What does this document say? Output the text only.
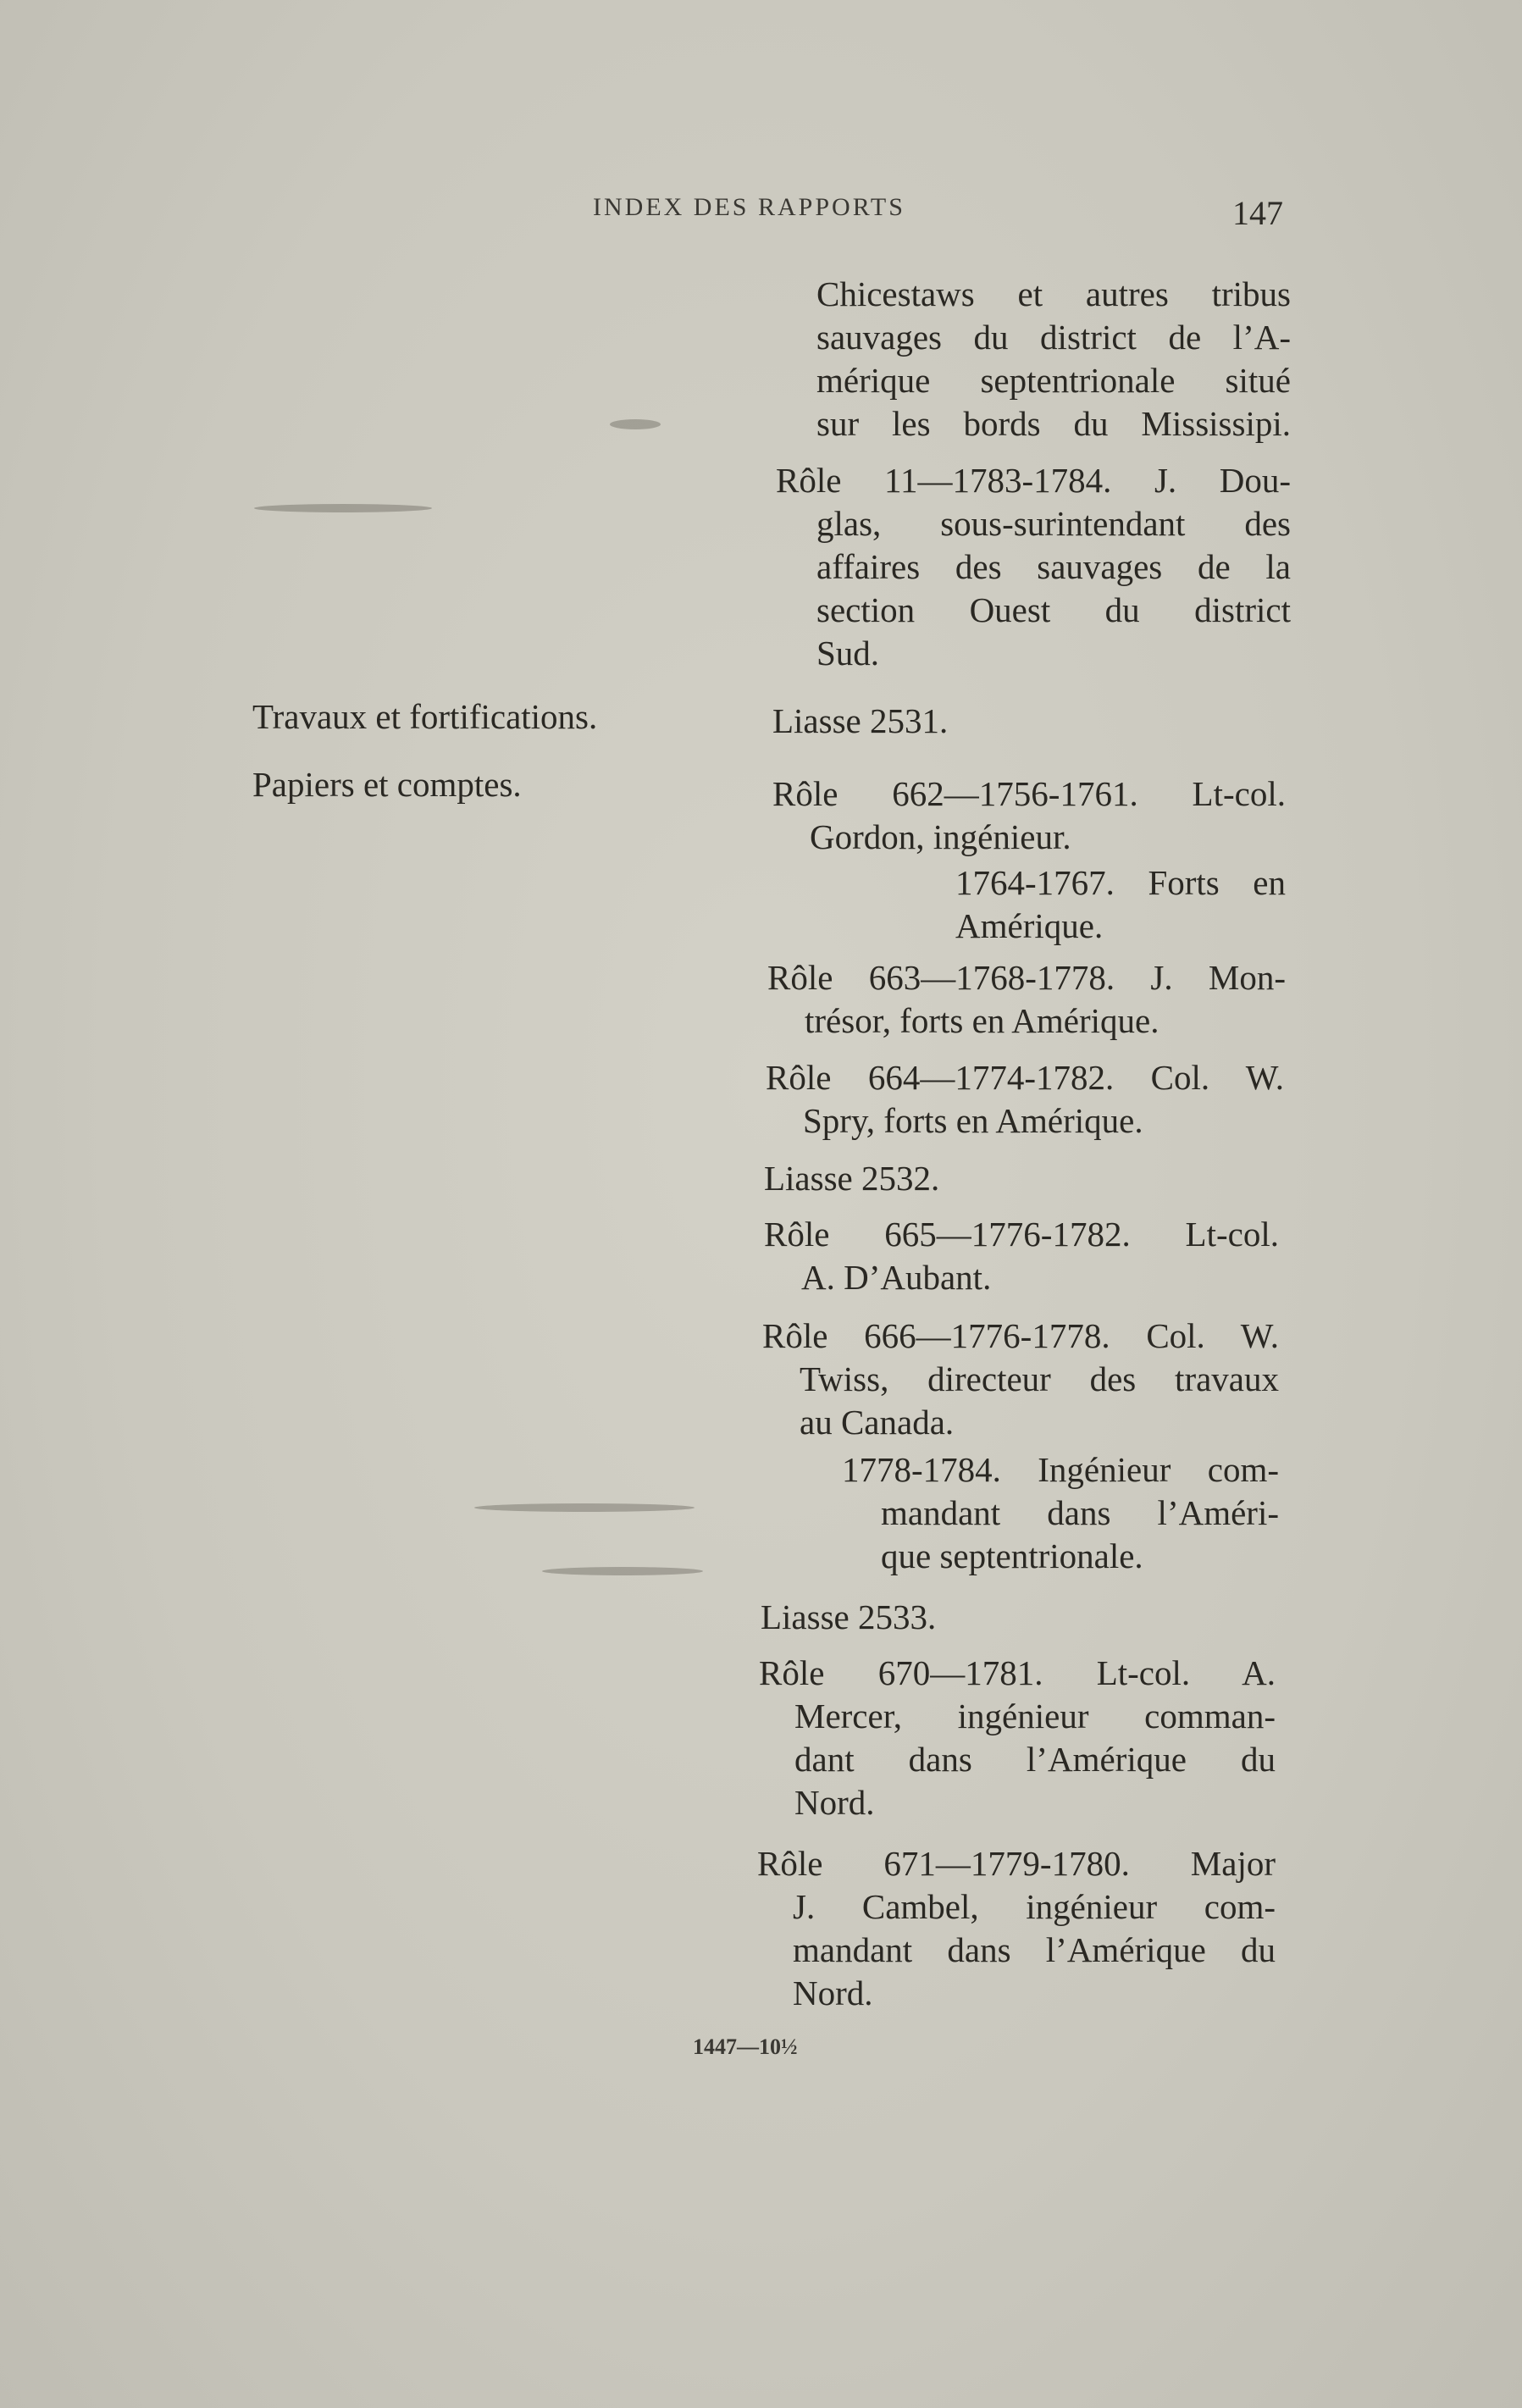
INDEX DES RAPPORTS	147
Chicestaws et autres tribus
sauvages du district de l’A-
mérique septentrionale situé
sur les bords du Mississipi.
Rôle 11—1783-1784. J. Dou-
glas, sous-surintendant des
affaires des sauvages de la
section Ouest du district
Sud.
Travaux et fortifications.
Papiers et comptes.
Liasse 2531.
Rôle 662—1756-1761. Lt-col.
Gordon, ingénieur.
1764-1767. Forts en
Amérique.
Rôle 663—1768-1778. J. Mon-
trésor, forts en Amérique.
Rôle 664—1774-1782. Col. W.
Spry, forts en Amérique.
Liasse 2532.
Rôle 665—1776-1782. Lt-col.
A. D’Aubant.
Rôle 666—1776-1778. Col. W.
Twiss, directeur des travaux
au Canada.
1778-1784. Ingénieur com-
mandant dans l’Améri-
que septentrionale.
Liasse 2533.
Rôle 670—1781. Lt-col. A.
Mercer, ingénieur comman-
dant dans l’Amérique du
Nord.
Rôle 671—1779-1780. Major
J. Cambel, ingénieur com-
mandant dans l’Amérique du
Nord.
1447—10½
